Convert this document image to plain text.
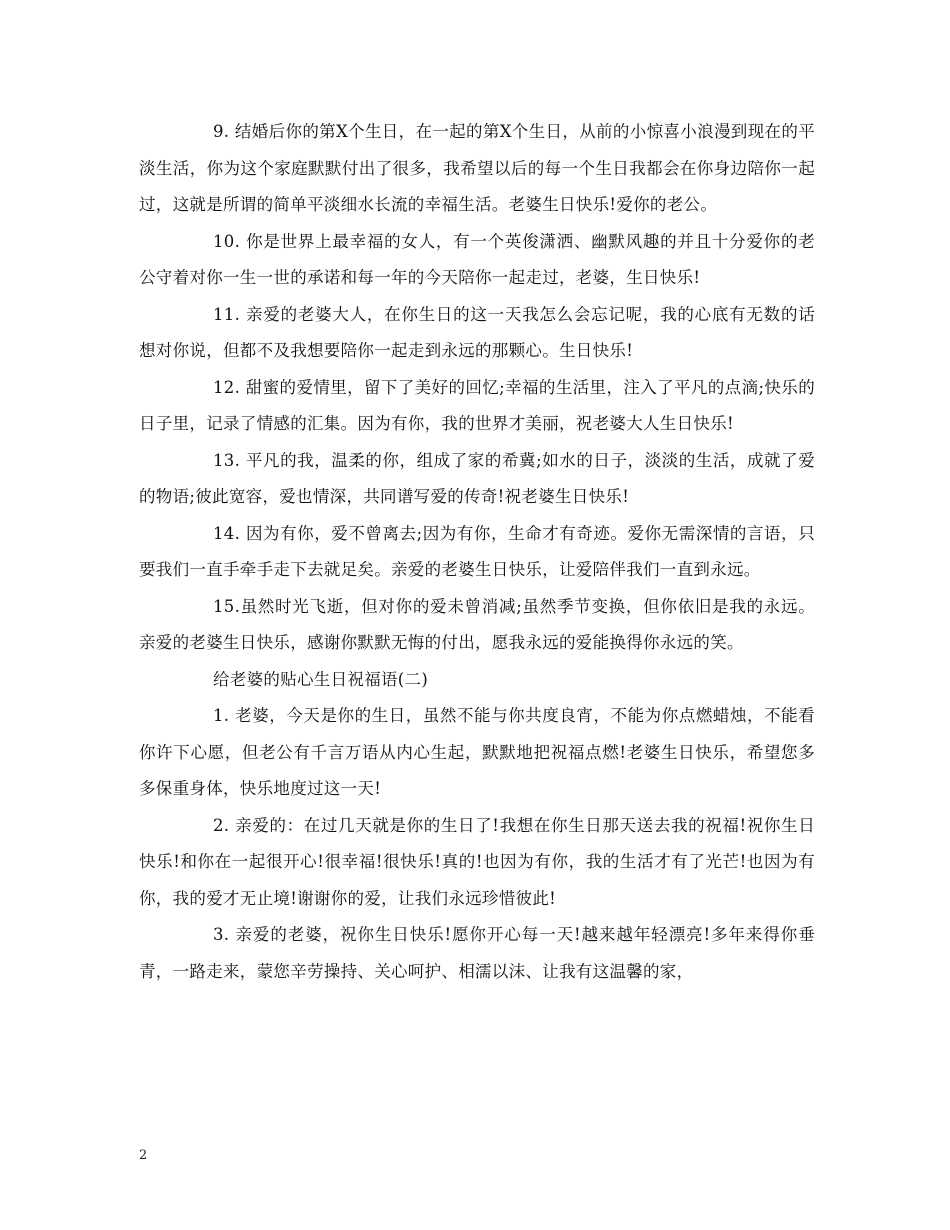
9. 结婚后你的第X个生日，在一起的第X个生日，从前的小惊喜小浪漫到现在的平淡生活，你为这个家庭默默付出了很多，我希望以后的每一个生日我都会在你身边陪你一起过，这就是所谓的简单平淡细水长流的幸福生活。老婆生日快乐!爱你的老公。

10. 你是世界上最幸福的女人，有一个英俊潇洒、幽默风趣的并且十分爱你的老公守着对你一生一世的承诺和每一年的今天陪你一起走过，老婆，生日快乐!

11. 亲爱的老婆大人，在你生日的这一天我怎么会忘记呢，我的心底有无数的话想对你说，但都不及我想要陪你一起走到永远的那颗心。生日快乐!

12. 甜蜜的爱情里，留下了美好的回忆;幸福的生活里，注入了平凡的点滴;快乐的日子里，记录了情感的汇集。因为有你，我的世界才美丽，祝老婆大人生日快乐!

13. 平凡的我，温柔的你，组成了家的希冀;如水的日子，淡淡的生活，成就了爱的物语;彼此宽容，爱也情深，共同谱写爱的传奇!祝老婆生日快乐!

14. 因为有你，爱不曾离去;因为有你，生命才有奇迹。爱你无需深情的言语，只要我们一直手牵手走下去就足矣。亲爱的老婆生日快乐，让爱陪伴我们一直到永远。

15.虽然时光飞逝，但对你的爱未曾消减;虽然季节变换，但你依旧是我的永远。亲爱的老婆生日快乐，感谢你默默无悔的付出，愿我永远的爱能换得你永远的笑。

给老婆的贴心生日祝福语(二)

1. 老婆，今天是你的生日，虽然不能与你共度良宵，不能为你点燃蜡烛，不能看你许下心愿，但老公有千言万语从内心生起，默默地把祝福点燃!老婆生日快乐，希望您多多保重身体，快乐地度过这一天!

2. 亲爱的：在过几天就是你的生日了!我想在你生日那天送去我的祝福!祝你生日快乐!和你在一起很开心!很幸福!很快乐!真的!也因为有你，我的生活才有了光芒!也因为有你，我的爱才无止境!谢谢你的爱，让我们永远珍惜彼此!

3. 亲爱的老婆，祝你生日快乐!愿你开心每一天!越来越年轻漂亮!多年来得你垂青，一路走来，蒙您辛劳操持、关心呵护、相濡以沫、让我有这温馨的家，

2
